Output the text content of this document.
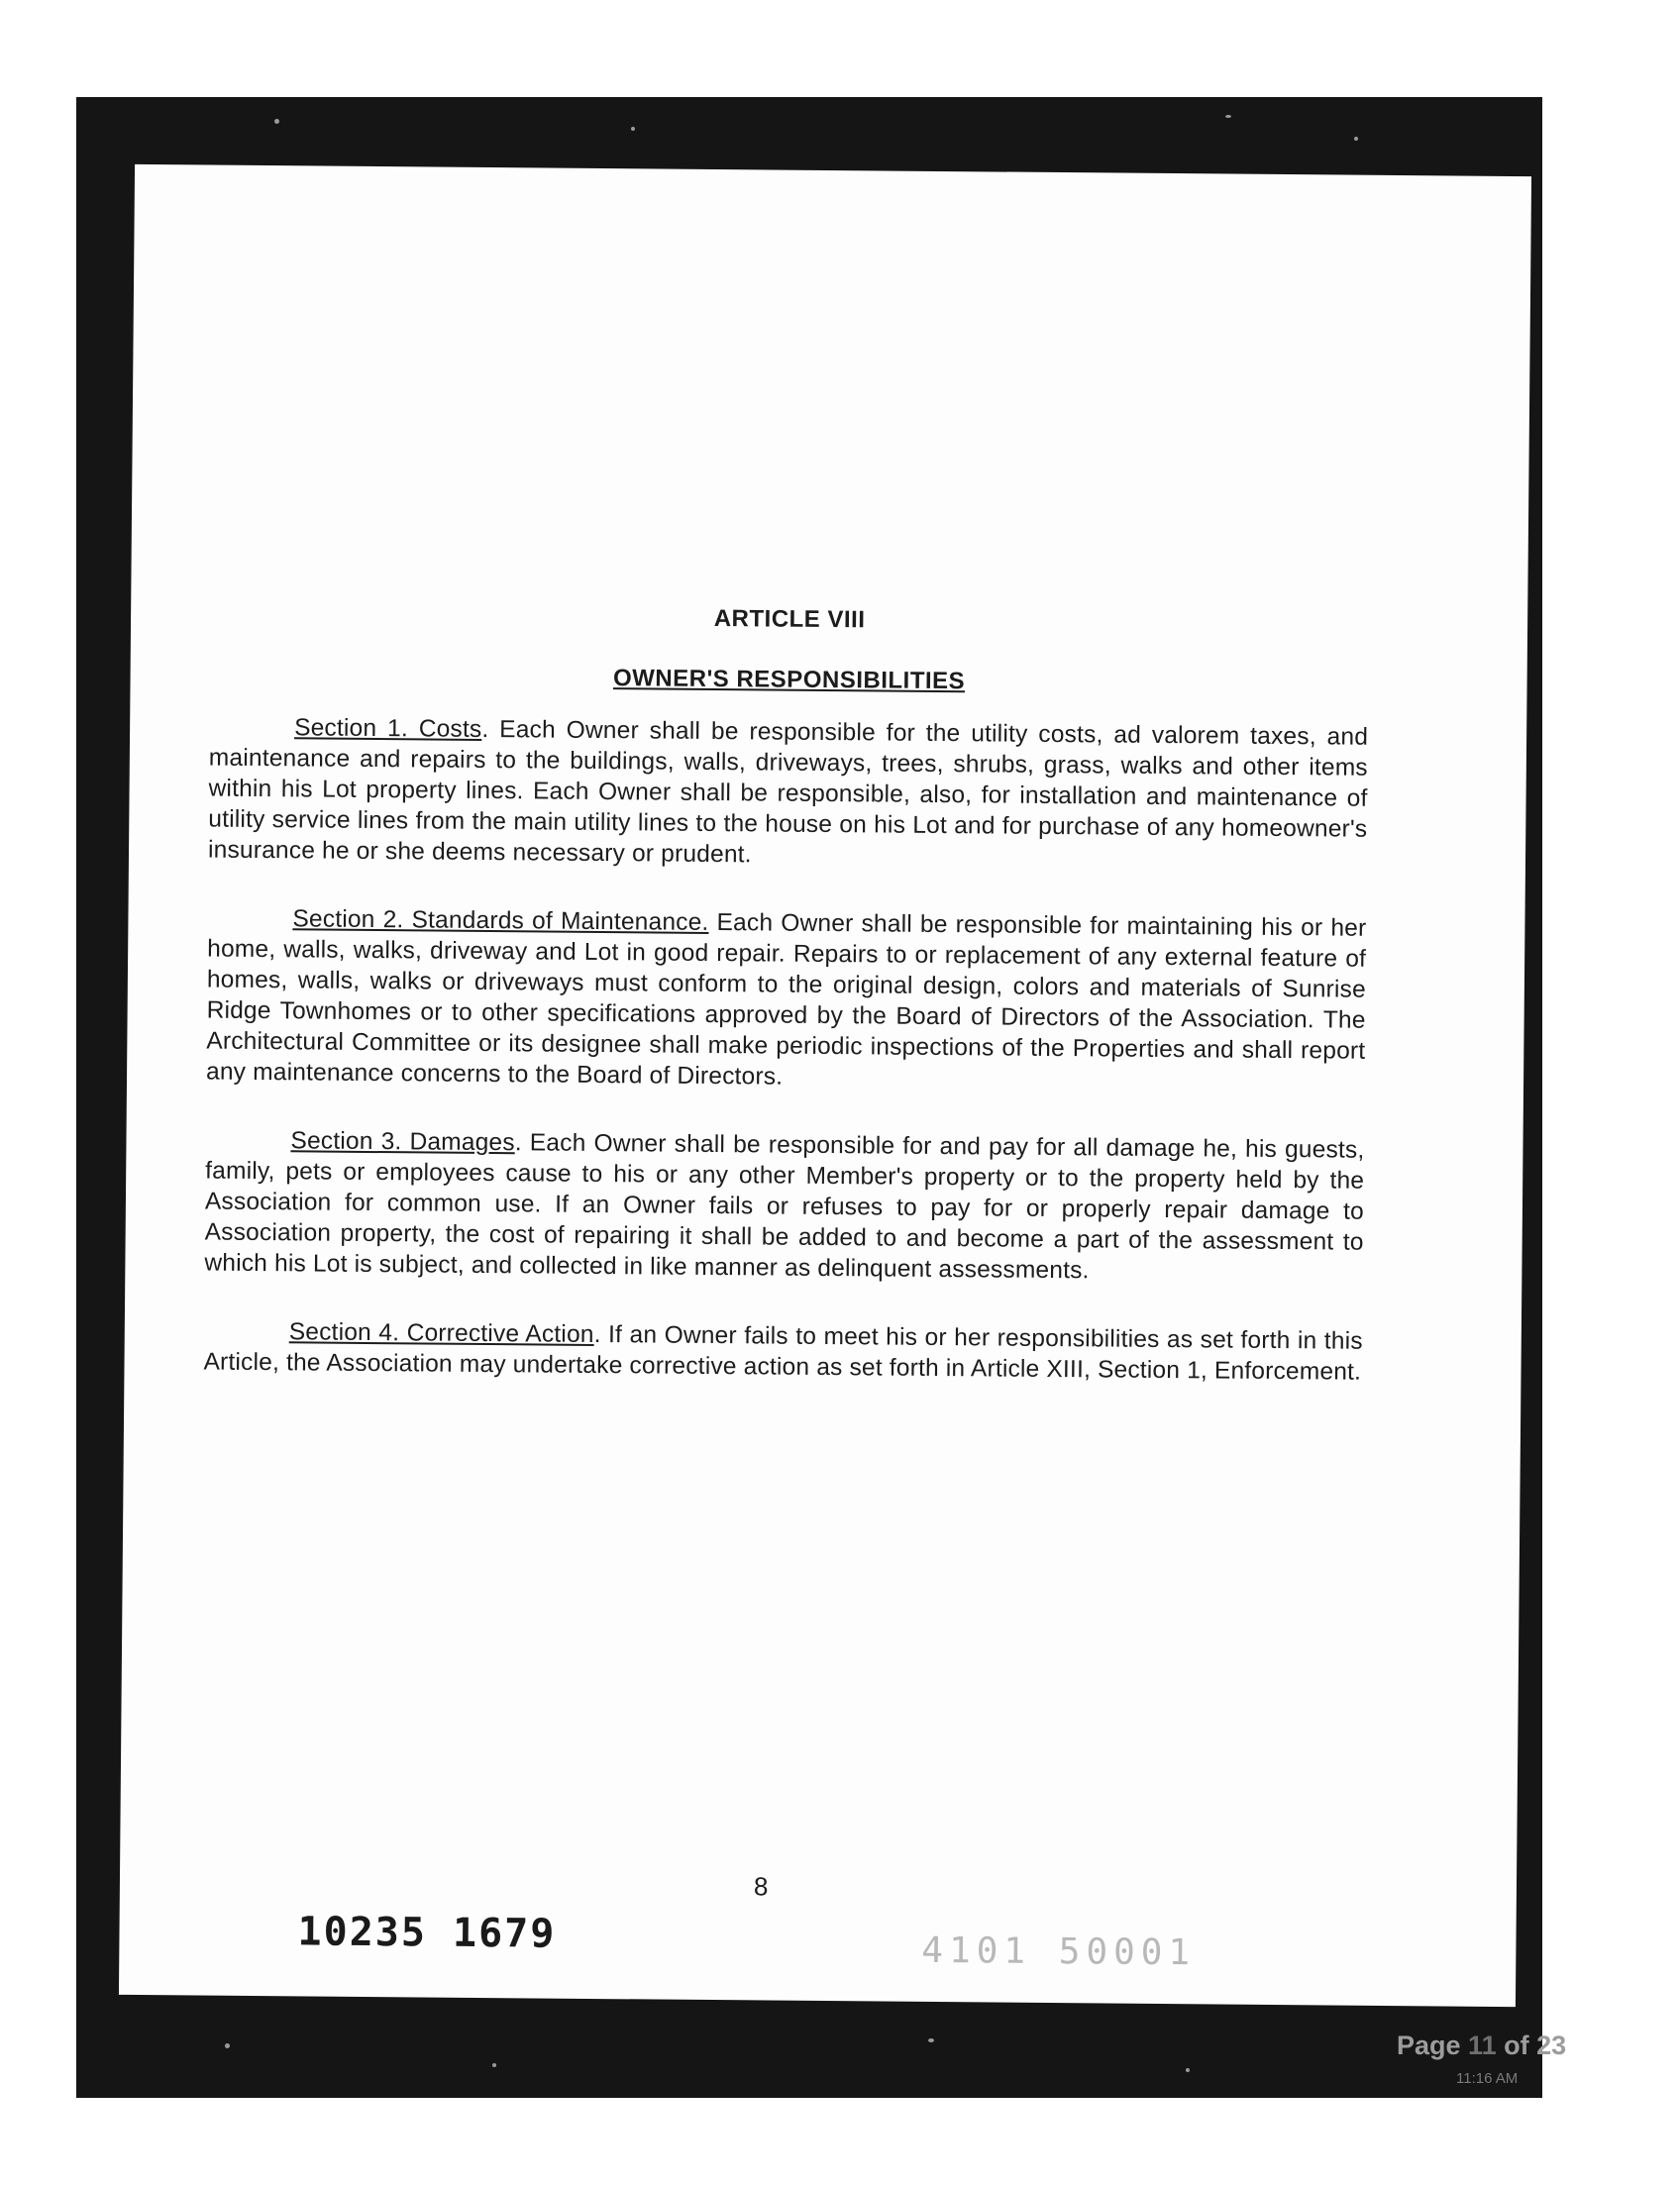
ARTICLE VIII
OWNER'S RESPONSIBILITIES

Section 1. Costs. Each Owner shall be responsible for the utility costs, ad valorem taxes, and maintenance and repairs to the buildings, walls, driveways, trees, shrubs, grass, walks and other items within his Lot property lines. Each Owner shall be responsible, also, for installation and maintenance of utility service lines from the main utility lines to the house on his Lot and for purchase of any homeowner's insurance he or she deems necessary or prudent.

Section 2. Standards of Maintenance. Each Owner shall be responsible for maintaining his or her home, walls, walks, driveway and Lot in good repair. Repairs to or replacement of any external feature of homes, walls, walks or driveways must conform to the original design, colors and materials of Sunrise Ridge Townhomes or to other specifications approved by the Board of Directors of the Association. The Architectural Committee or its designee shall make periodic inspections of the Properties and shall report any maintenance concerns to the Board of Directors.

Section 3. Damages. Each Owner shall be responsible for and pay for all damage he, his guests, family, pets or employees cause to his or any other Member's property or to the property held by the Association for common use. If an Owner fails or refuses to pay for or properly repair damage to Association property, the cost of repairing it shall be added to and become a part of the assessment to which his Lot is subject, and collected in like manner as delinquent assessments.

Section 4. Corrective Action. If an Owner fails to meet his or her responsibilities as set forth in this Article, the Association may undertake corrective action as set forth in Article XIII, Section 1, Enforcement.

8
10235 1679	4101 50001
Page 11 of 23
11:16 AM
